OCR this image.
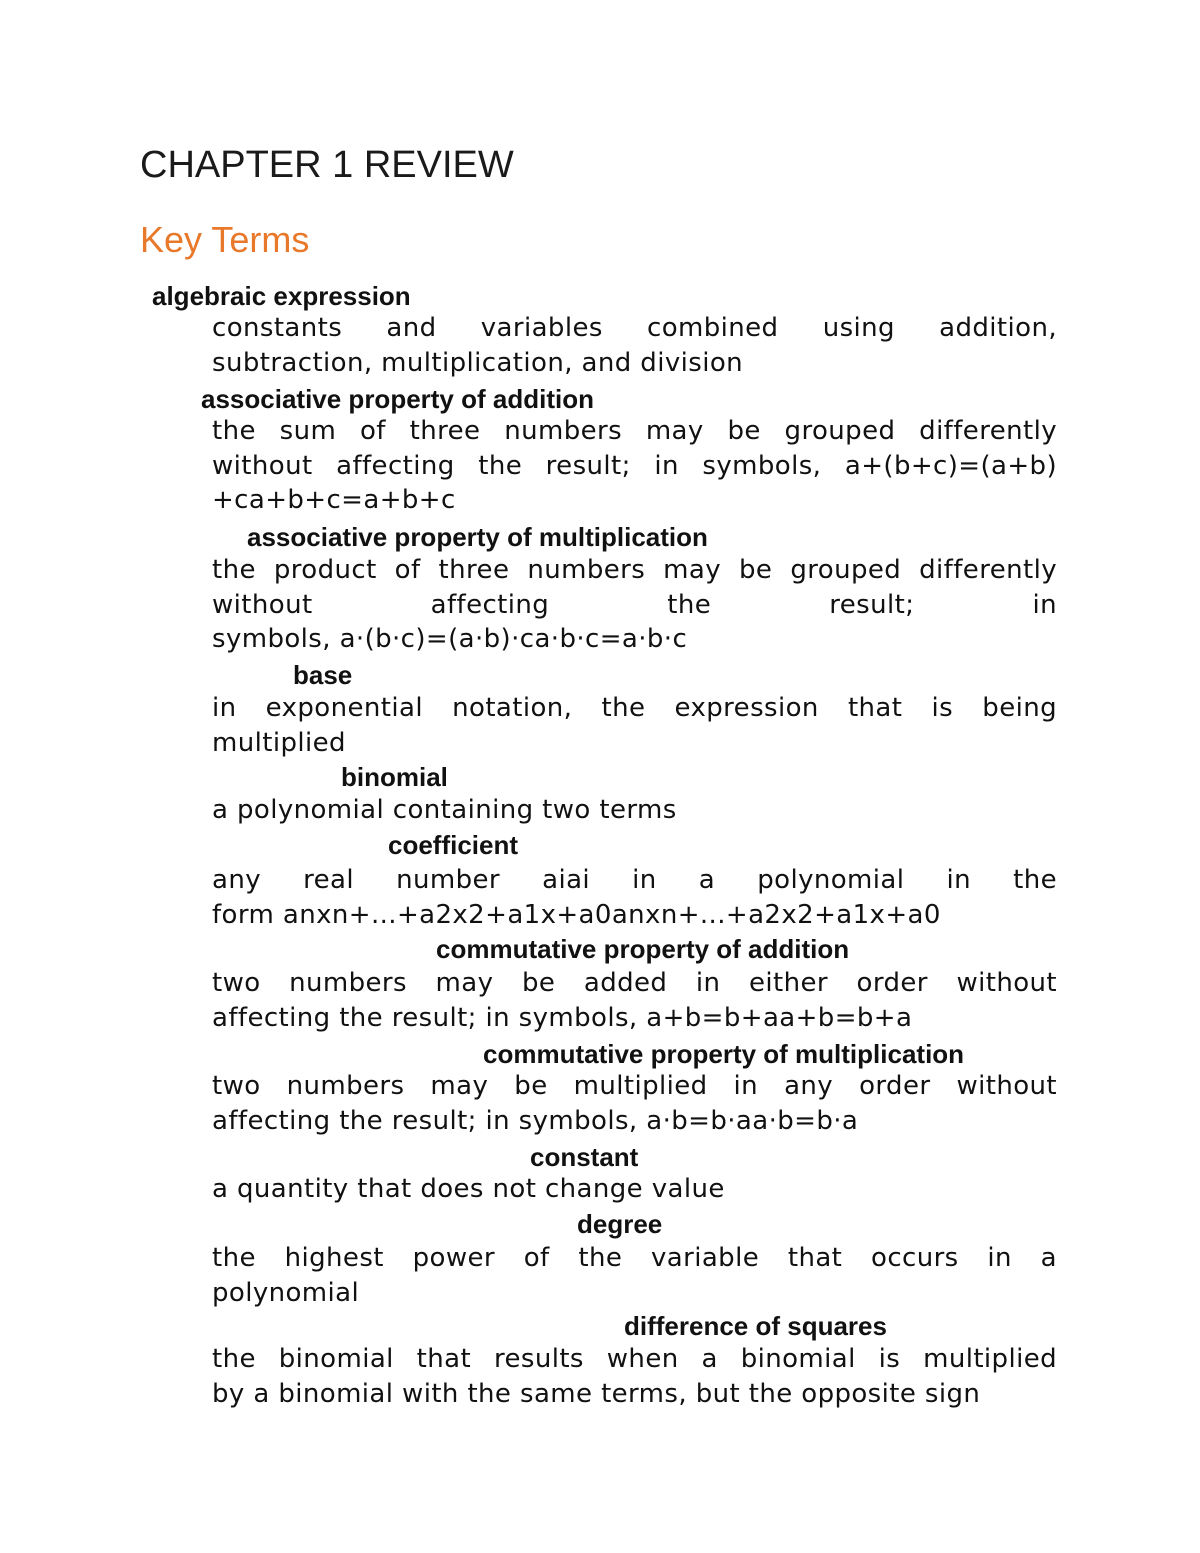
CHAPTER 1 REVIEW
Key Terms
algebraic expression
constants and variables combined using addition,
subtraction, multiplication, and division
associative property of addition
the sum of three numbers may be grouped differently
without affecting the result; in symbols, a+(b+c)=(a+b)
+ca+b+c=a+b+c
associative property of multiplication
the product of three numbers may be grouped differently
without affecting the result; in
symbols, a·(b·c)=(a·b)·ca·b·c=a·b·c
base
in exponential notation, the expression that is being
multiplied
binomial
a polynomial containing two terms
coefficient
any real number aiai in a polynomial in the
form anxn+...+a2x2+a1x+a0anxn+...+a2x2+a1x+a0
commutative property of addition
two numbers may be added in either order without
affecting the result; in symbols, a+b=b+aa+b=b+a
commutative property of multiplication
two numbers may be multiplied in any order without
affecting the result; in symbols, a·b=b·aa·b=b·a
constant
a quantity that does not change value
degree
the highest power of the variable that occurs in a
polynomial
difference of squares
the binomial that results when a binomial is multiplied
by a binomial with the same terms, but the opposite sign
